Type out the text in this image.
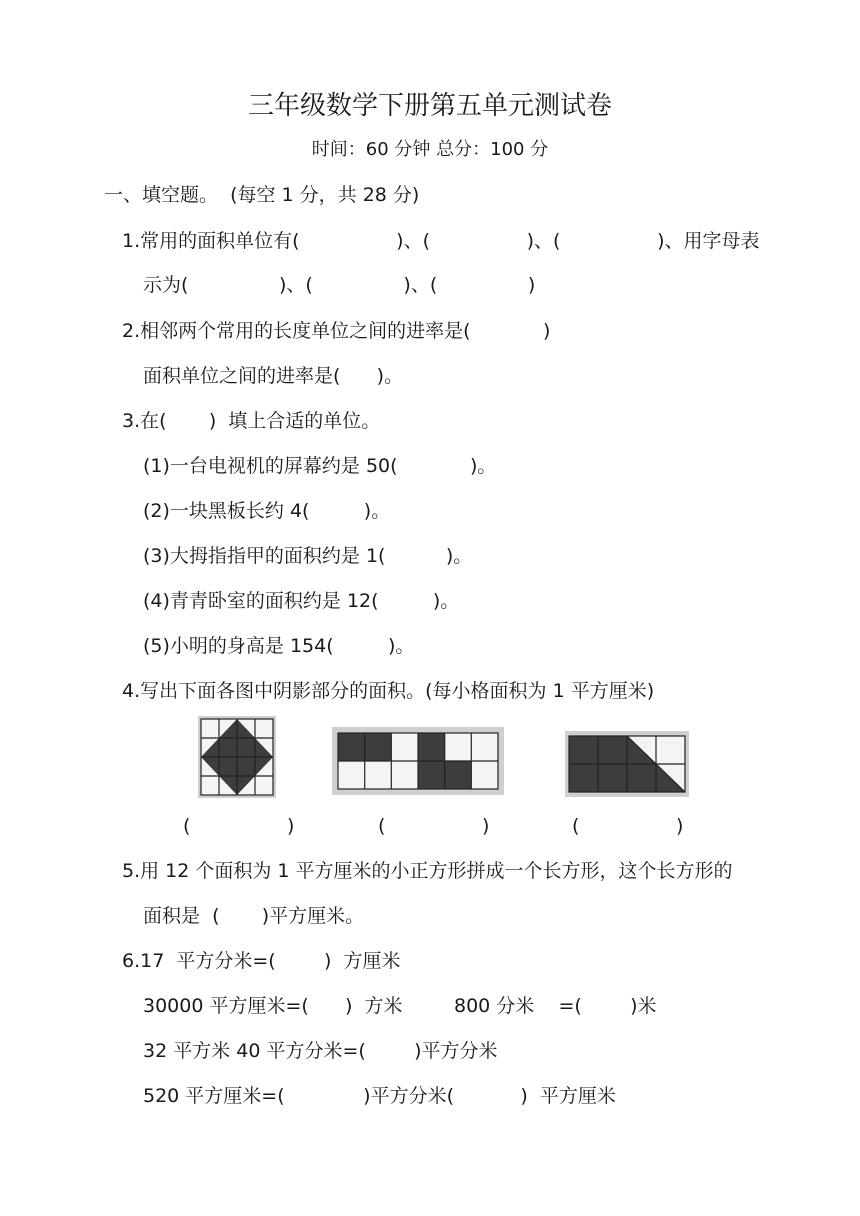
三年级数学下册第五单元测试卷
时间：60 分钟 总分：100 分
一、填空题。  (每空 1 分，共 28 分)
1.常用的面积单位有(                )、(                )、(                )、用字母表
示为(               )、(               )、(               )
2.相邻两个常用的长度单位之间的进率是(            )
面积单位之间的进率是(      )。
3.在(       )  填上合适的单位。
(1)一台电视机的屏幕约是 50(            )。
(2)一块黑板长约 4(         )。
(3)大拇指指甲的面积约是 1(          )。
(4)青青卧室的面积约是 12(         )。
(5)小明的身高是 154(         )。
4.写出下面各图中阴影部分的面积。(每小格面积为 1 平方厘米)
(                )	(                )	(                )
5.用 12 个面积为 1 平方厘米的小正方形拼成一个长方形，这个长方形的
面积是  (       )平方厘米。
6.17  平方分米=(        )  方厘米
30000 平方厘米=(      )  方米	800 分米    =(        )米
32 平方米 40 平方分米=(        )平方分米
520 平方厘米=(             )平方分米(           )  平方厘米
